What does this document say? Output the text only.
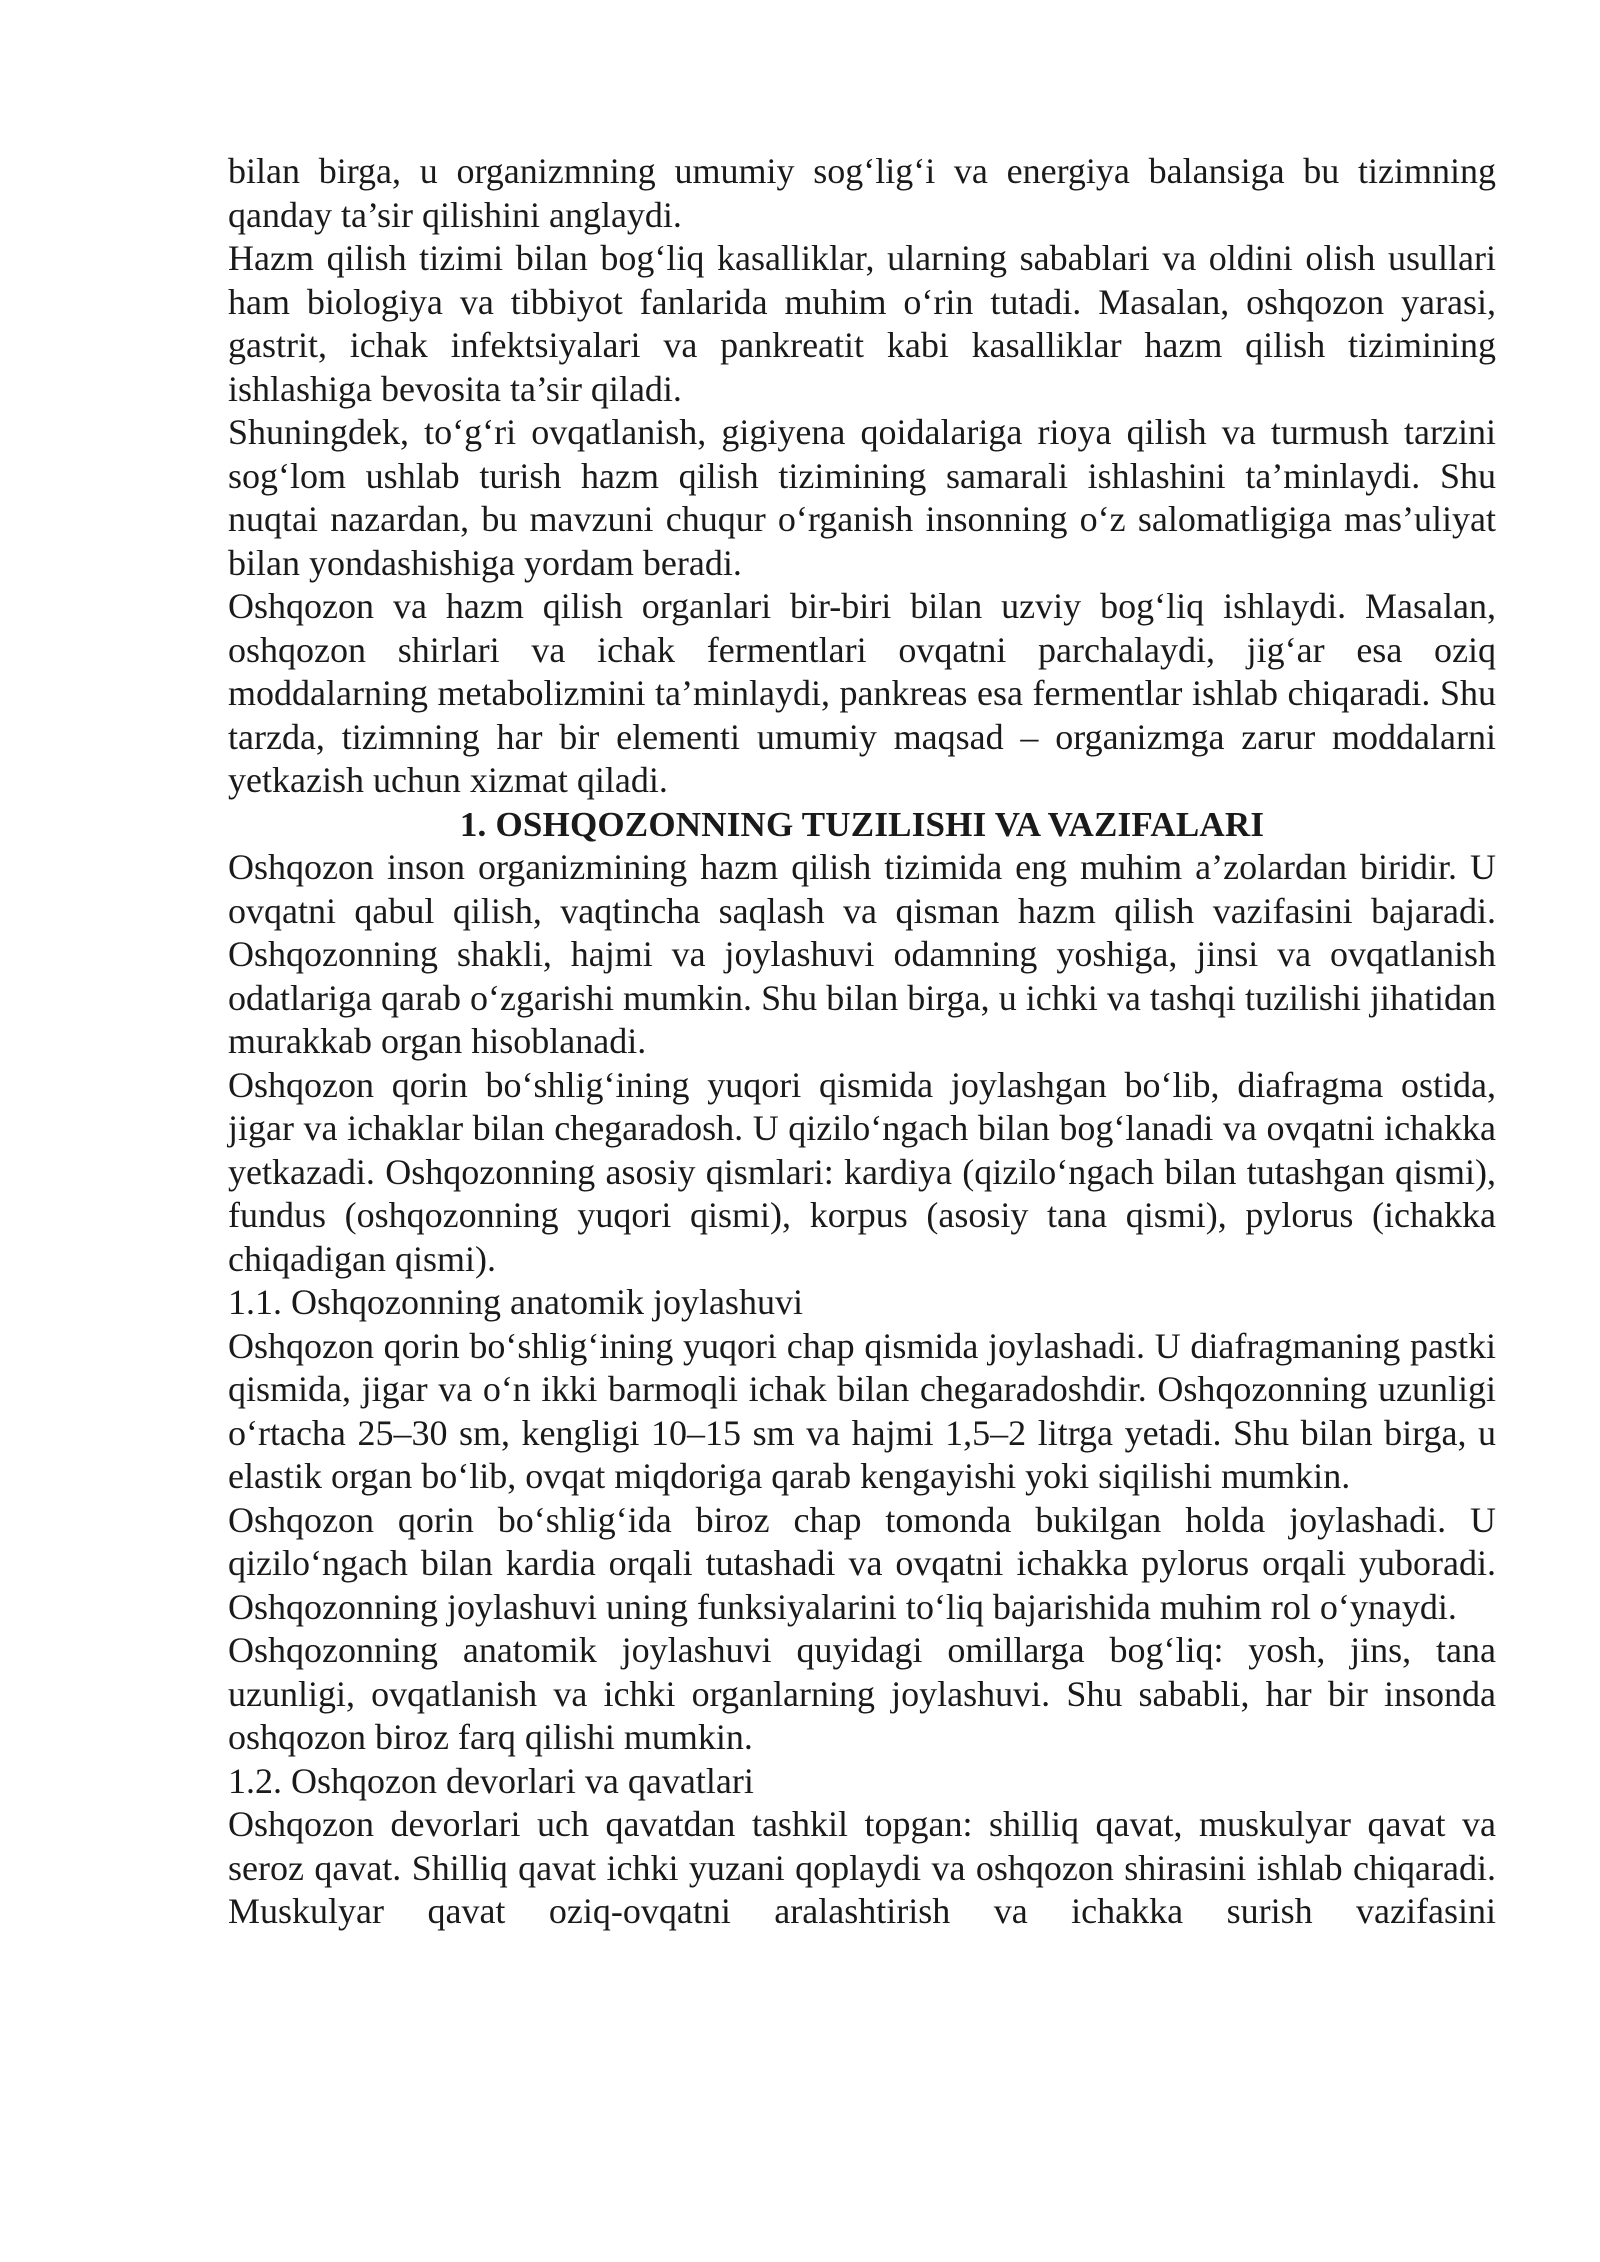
bilan birga, u organizmning umumiy sog‘lig‘i va energiya balansiga bu tizimning qanday ta’sir qilishini anglaydi.

Hazm qilish tizimi bilan bog‘liq kasalliklar, ularning sabablari va oldini olish usullari ham biologiya va tibbiyot fanlarida muhim o‘rin tutadi. Masalan, oshqozon yarasi, gastrit, ichak infektsiyalari va pankreatit kabi kasalliklar hazm qilish tizimining ishlashiga bevosita ta’sir qiladi.

Shuningdek, to‘g‘ri ovqatlanish, gigiyena qoidalariga rioya qilish va turmush tarzini sog‘lom ushlab turish hazm qilish tizimining samarali ishlashini ta’minlaydi. Shu nuqtai nazardan, bu mavzuni chuqur o‘rganish insonning o‘z salomatligiga mas’uliyat bilan yondashishiga yordam beradi.

Oshqozon va hazm qilish organlari bir-biri bilan uzviy bog‘liq ishlaydi. Masalan, oshqozon shirlari va ichak fermentlari ovqatni parchalaydi, jig‘ar esa oziq moddalarning metabolizmini ta’minlaydi, pankreas esa fermentlar ishlab chiqaradi. Shu tarzda, tizimning har bir elementi umumiy maqsad – organizmga zarur moddalarni yetkazish uchun xizmat qiladi.

1. OSHQOZONNING TUZILISHI VA VAZIFALARI

Oshqozon inson organizmining hazm qilish tizimida eng muhim a’zolardan biridir. U ovqatni qabul qilish, vaqtincha saqlash va qisman hazm qilish vazifasini bajaradi. Oshqozonning shakli, hajmi va joylashuvi odamning yoshiga, jinsi va ovqatlanish odatlariga qarab o‘zgarishi mumkin. Shu bilan birga, u ichki va tashqi tuzilishi jihatidan murakkab organ hisoblanadi.

Oshqozon qorin bo‘shlig‘ining yuqori qismida joylashgan bo‘lib, diafragma ostida, jigar va ichaklar bilan chegaradosh. U qizilo‘ngach bilan bog‘lanadi va ovqatni ichakka yetkazadi. Oshqozonning asosiy qismlari: kardiya (qizilo‘ngach bilan tutashgan qismi), fundus (oshqozonning yuqori qismi), korpus (asosiy tana qismi), pylorus (ichakka chiqadigan qismi).

1.1. Oshqozonning anatomik joylashuvi

Oshqozon qorin bo‘shlig‘ining yuqori chap qismida joylashadi. U diafragmaning pastki qismida, jigar va o‘n ikki barmoqli ichak bilan chegaradoshdir. Oshqozonning uzunligi o‘rtacha 25–30 sm, kengligi 10–15 sm va hajmi 1,5–2 litrga yetadi. Shu bilan birga, u elastik organ bo‘lib, ovqat miqdoriga qarab kengayishi yoki siqilishi mumkin.

Oshqozon qorin bo‘shlig‘ida biroz chap tomonda bukilgan holda joylashadi. U qizilo‘ngach bilan kardia orqali tutashadi va ovqatni ichakka pylorus orqali yuboradi. Oshqozonning joylashuvi uning funksiyalarini to‘liq bajarishida muhim rol o‘ynaydi.

Oshqozonning anatomik joylashuvi quyidagi omillarga bog‘liq: yosh, jins, tana uzunligi, ovqatlanish va ichki organlarning joylashuvi. Shu sababli, har bir insonda oshqozon biroz farq qilishi mumkin.

1.2. Oshqozon devorlari va qavatlari

Oshqozon devorlari uch qavatdan tashkil topgan: shilliq qavat, muskulyar qavat va seroz qavat. Shilliq qavat ichki yuzani qoplaydi va oshqozon shirasini ishlab chiqaradi. Muskulyar qavat oziq-ovqatni aralashtirish va ichakka surish vazifasini
